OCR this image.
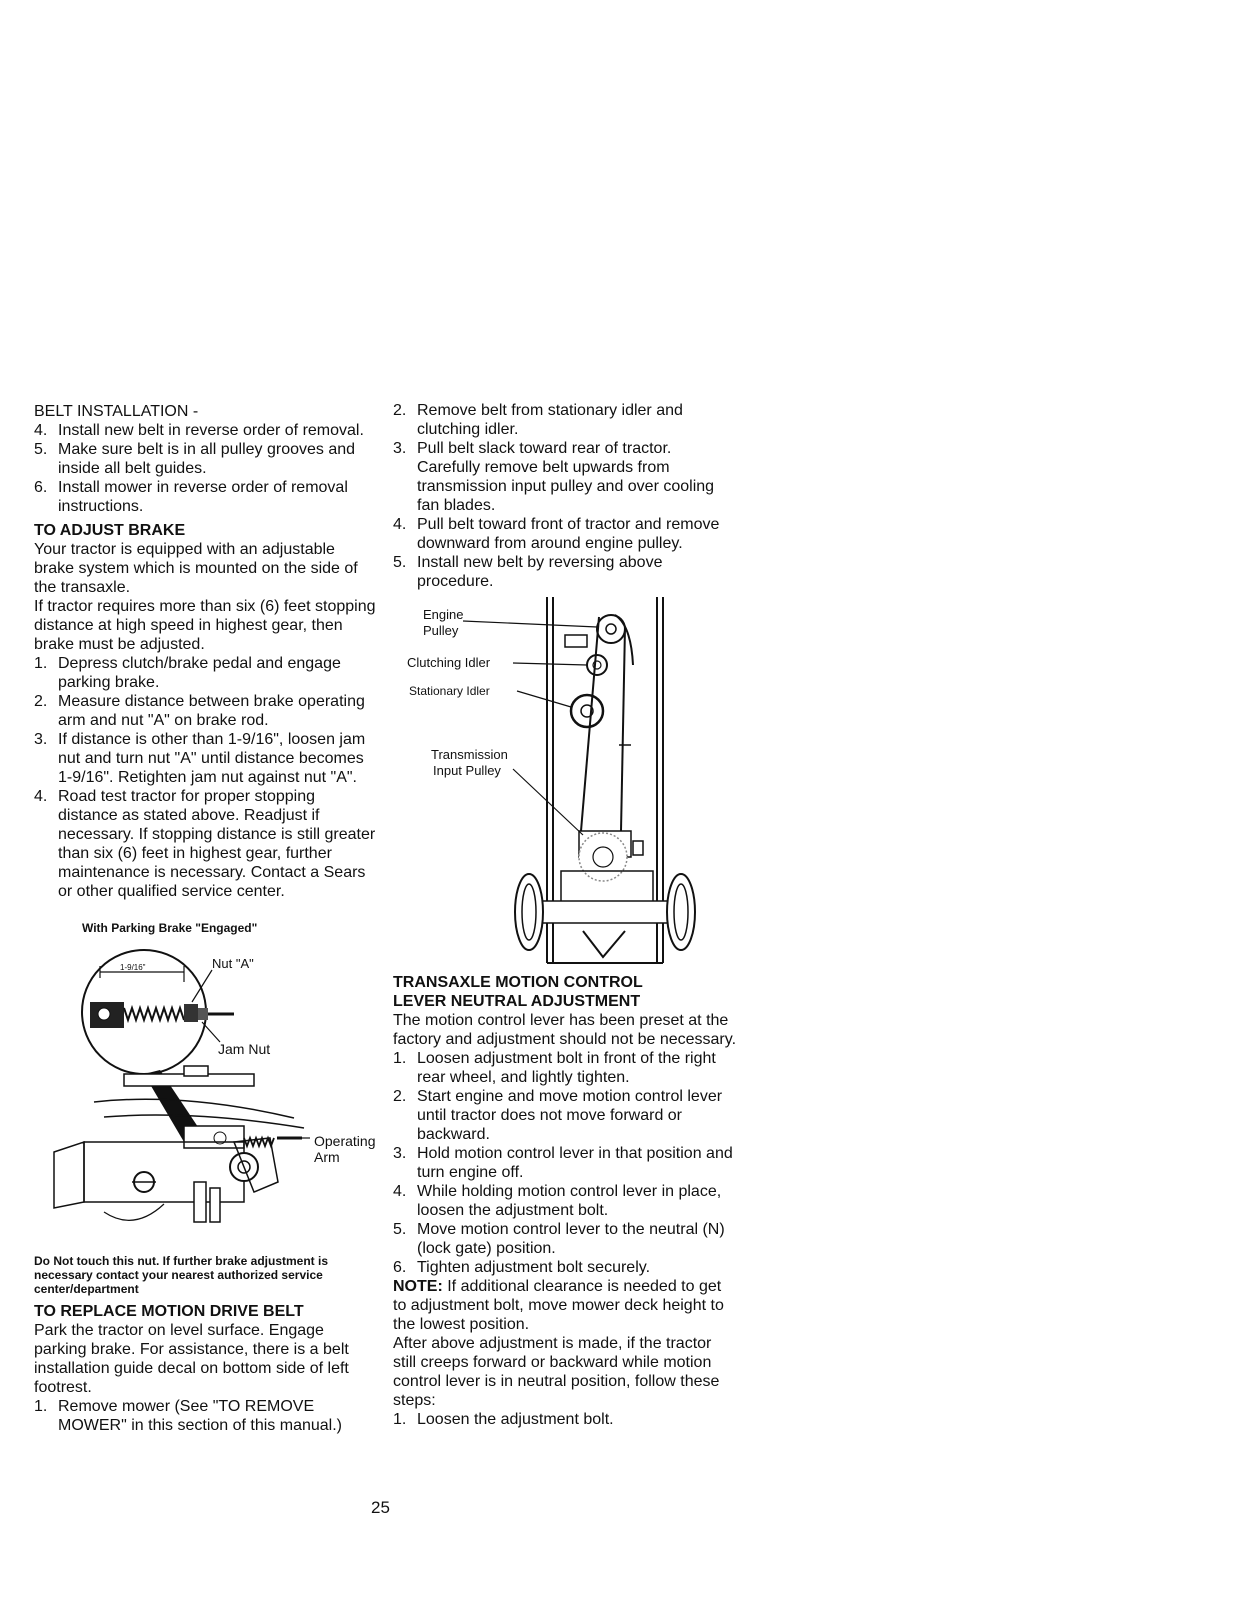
BELT INSTALLATION -
4. Install new belt in reverse order of removal.
5. Make sure belt is in all pulley grooves and inside all belt guides.
6. Install mower in reverse order of removal instructions.
TO ADJUST BRAKE
Your tractor is equipped with an adjustable brake system which is mounted on the side of the transaxle.
If tractor requires more than six (6) feet stopping distance at high speed in highest gear, then brake must be adjusted.
1. Depress clutch/brake pedal and engage parking brake.
2. Measure distance between brake operating arm and nut "A" on brake rod.
3. If distance is other than 1-9/16", loosen jam nut and turn nut "A" until distance becomes 1-9/16". Retighten jam nut against nut "A".
4. Road test tractor for proper stopping distance as stated above. Readjust if necessary. If stopping distance is still greater than six (6) feet in highest gear, further maintenance is necessary. Contact a Sears or other qualified service center.
With Parking Brake "Engaged"
1-9/16"	Nut "A"
Jam Nut
Operating
Arm
Do Not touch this nut. If further brake adjustment is necessary contact your nearest authorized service center/department
TO REPLACE MOTION DRIVE BELT
Park the tractor on level surface. Engage parking brake. For assistance, there is a belt installation guide decal on bottom side of left footrest.
1. Remove mower (See "TO REMOVE MOWER" in this section of this manual.)
2. Remove belt from stationary idler and clutching idler.
3. Pull belt slack toward rear of tractor. Carefully remove belt upwards from transmission input pulley and over cooling fan blades.
4. Pull belt toward front of tractor and remove downward from around engine pulley.
5. Install new belt by reversing above procedure.
Engine
Pulley
Clutching Idler
Stationary Idler
Transmission
Input Pulley
TRANSAXLE MOTION CONTROL
LEVER NEUTRAL ADJUSTMENT
The motion control lever has been preset at the factory and adjustment should not be necessary.
1. Loosen adjustment bolt in front of the right rear wheel, and lightly tighten.
2. Start engine and move motion control lever until tractor does not move forward or backward.
3. Hold motion control lever in that position and turn engine off.
4. While holding motion control lever in place, loosen the adjustment bolt.
5. Move motion control lever to the neutral (N) (lock gate) position.
6. Tighten adjustment bolt securely.
NOTE: If additional clearance is needed to get to adjustment bolt, move mower deck height to the lowest position.
After above adjustment is made, if the tractor still creeps forward or backward while motion control lever is in neutral position, follow these steps:
1. Loosen the adjustment bolt.
25
